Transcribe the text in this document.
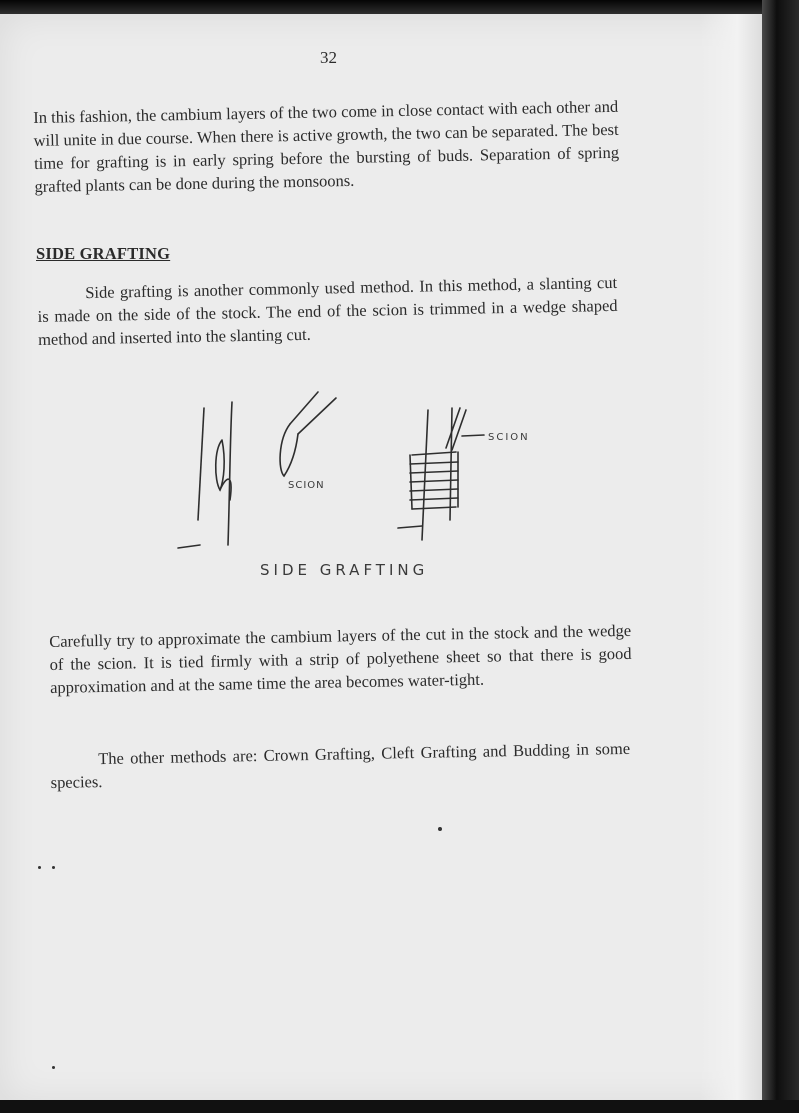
32

In this fashion, the cambium layers of the two come in close contact with each other and will unite in due course. When there is active growth, the two can be separated. The best time for grafting is in early spring before the bursting of buds. Separation of spring grafted plants can be done during the monsoons.

SIDE GRAFTING

Side grafting is another commonly used method. In this method, a slanting cut is made on the side of the stock. The end of the scion is trimmed in a wedge shaped method and inserted into the slanting cut.

SCION
SCION
SIDE GRAFTING

Carefully try to approximate the cambium layers of the cut in the stock and the wedge of the scion. It is tied firmly with a strip of polyethene sheet so that there is good approximation and at the same time the area becomes water-tight.

The other methods are: Crown Grafting, Cleft Grafting and Budding in some species.
